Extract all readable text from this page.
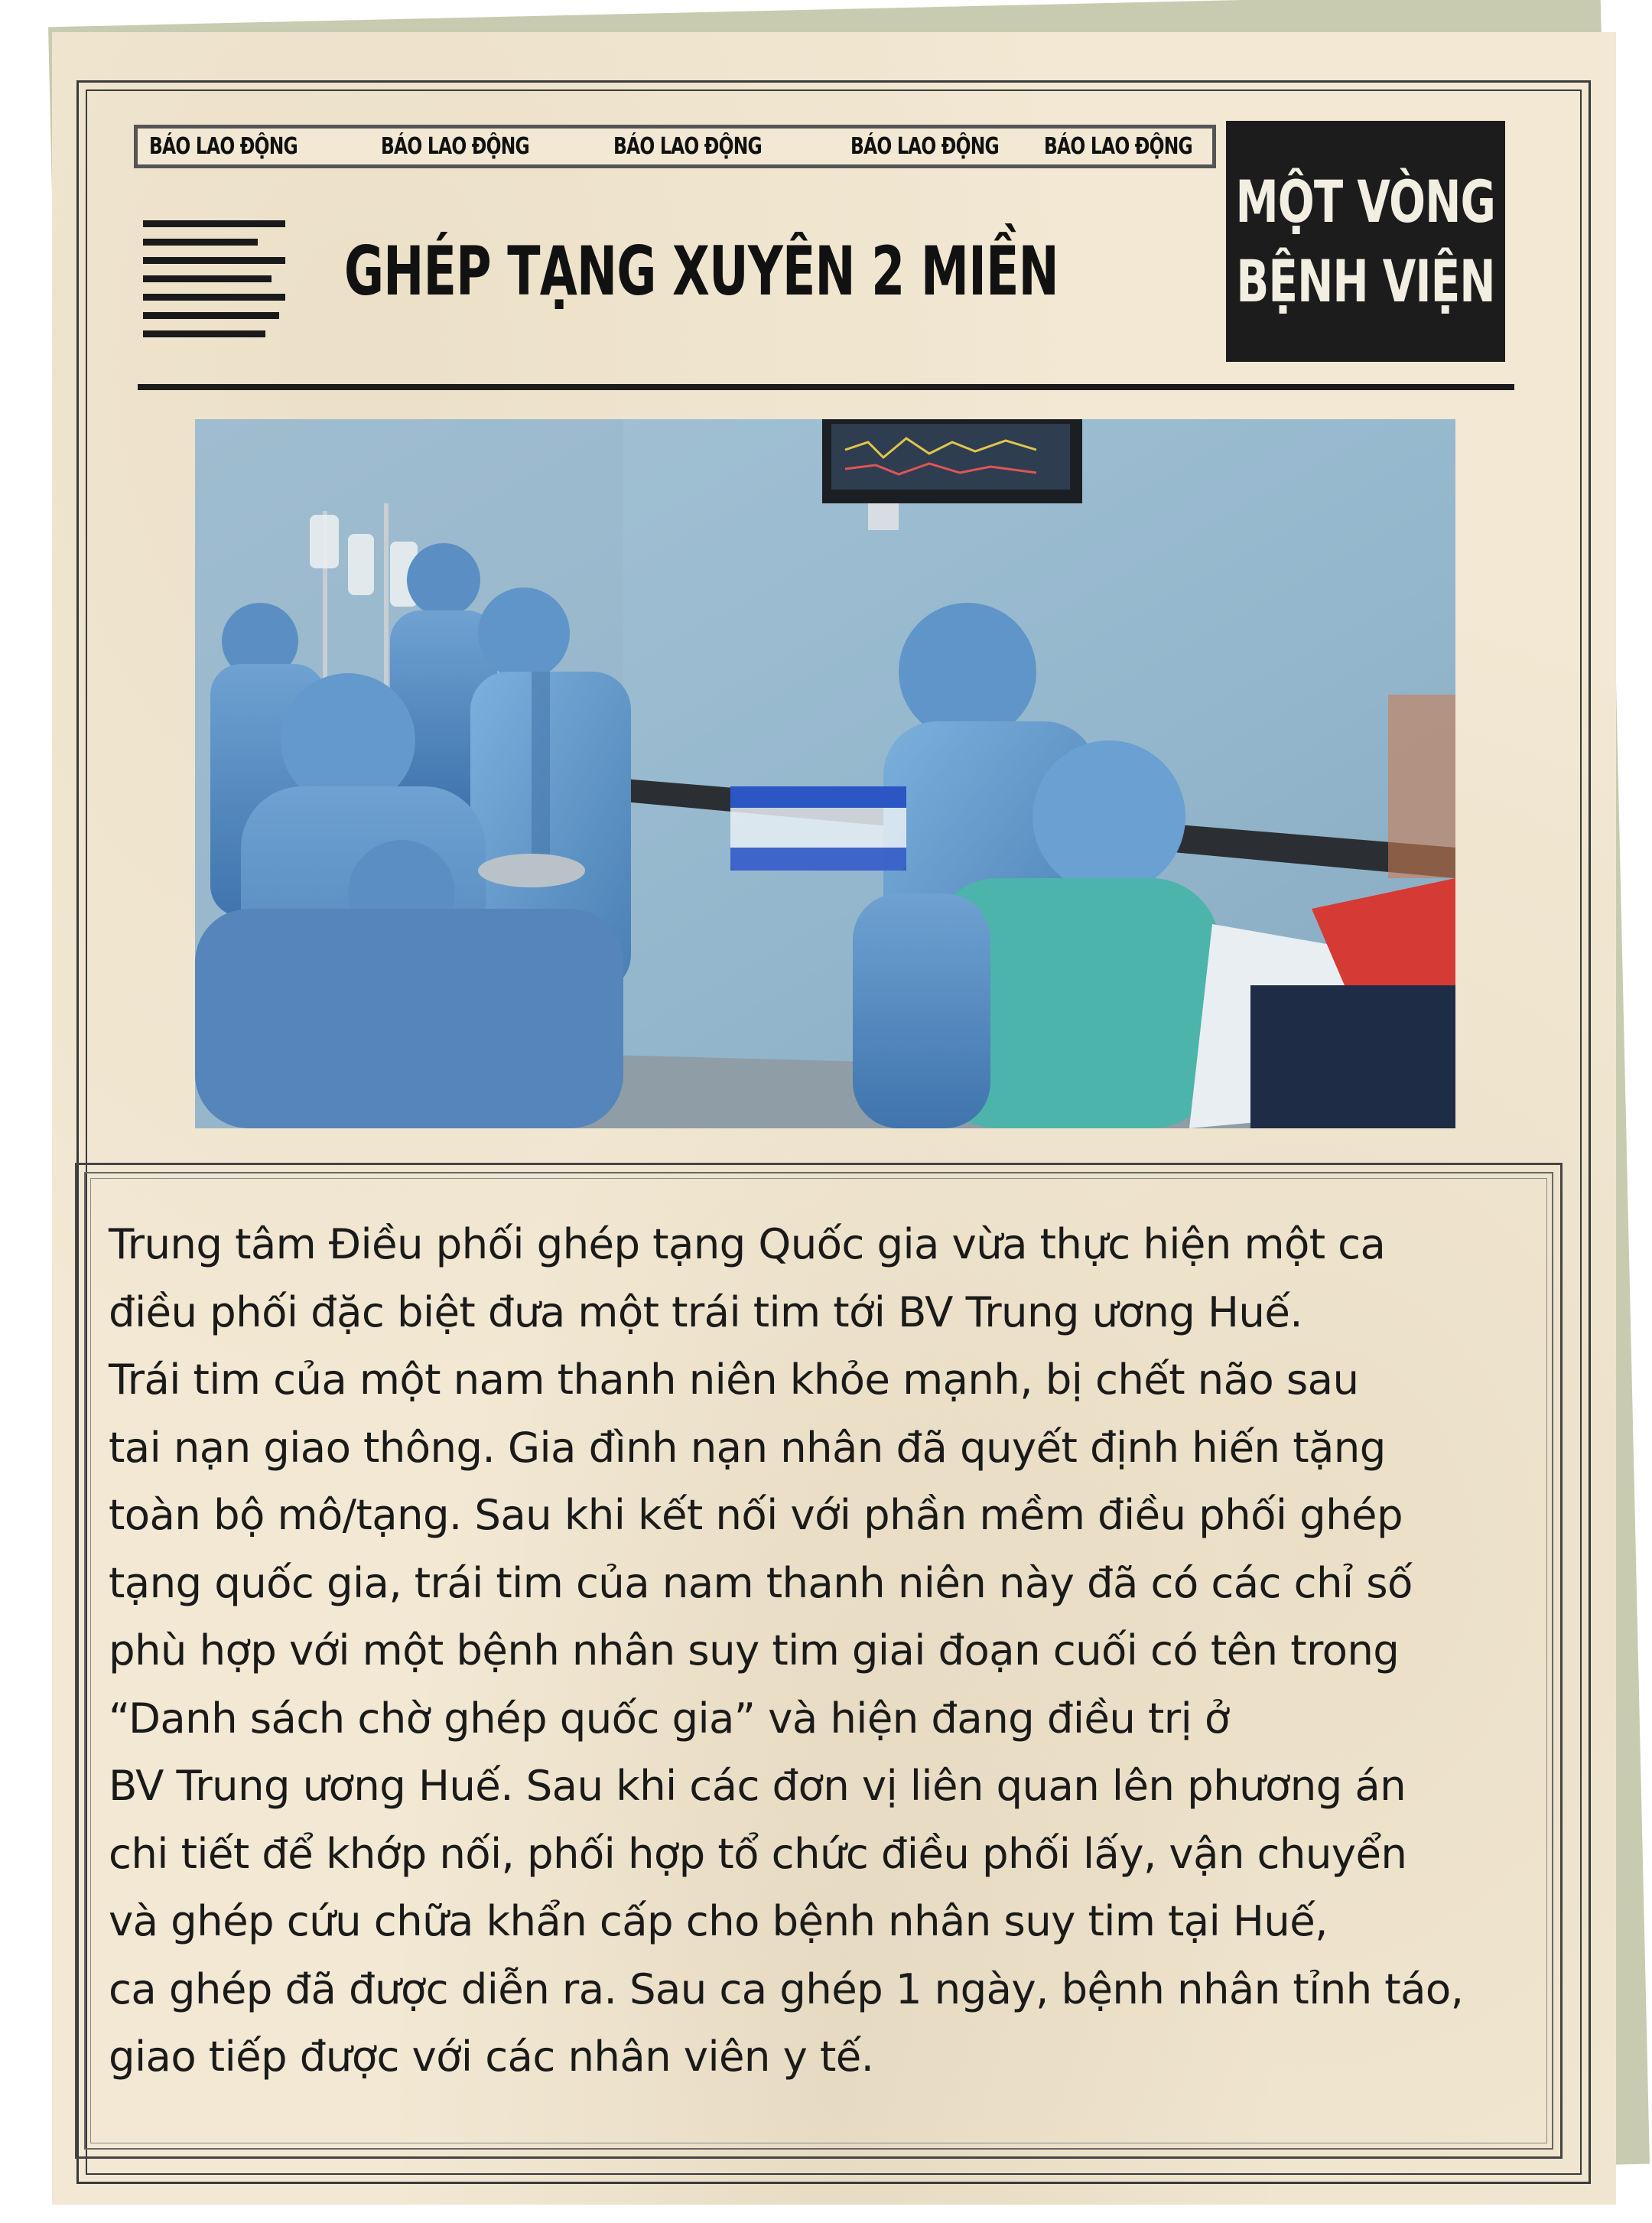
BÁO LAO ĐỘNG	BÁO LAO ĐỘNG	BÁO LAO ĐỘNG	BÁO LAO ĐỘNG BÁO LAO ĐỘNG
GHÉP TẠNG XUYÊN 2 MIỀN
MỘT VÒNG
BỆNH VIỆN
Trung tâm Điều phối ghép tạng Quốc gia vừa thực hiện một ca
điều phối đặc biệt đưa một trái tim tới BV Trung ương Huế.
Trái tim của một nam thanh niên khỏe mạnh, bị chết não sau
tai nạn giao thông. Gia đình nạn nhân đã quyết định hiến tặng
toàn bộ mô/tạng. Sau khi kết nối với phần mềm điều phối ghép
tạng quốc gia, trái tim của nam thanh niên này đã có các chỉ số
phù hợp với một bệnh nhân suy tim giai đoạn cuối có tên trong
“Danh sách chờ ghép quốc gia” và hiện đang điều trị ở
BV Trung ương Huế. Sau khi các đơn vị liên quan lên phương án
chi tiết để khớp nối, phối hợp tổ chức điều phối lấy, vận chuyển
và ghép cứu chữa khẩn cấp cho bệnh nhân suy tim tại Huế,
ca ghép đã được diễn ra. Sau ca ghép 1 ngày, bệnh nhân tỉnh táo,
giao tiếp được với các nhân viên y tế.
